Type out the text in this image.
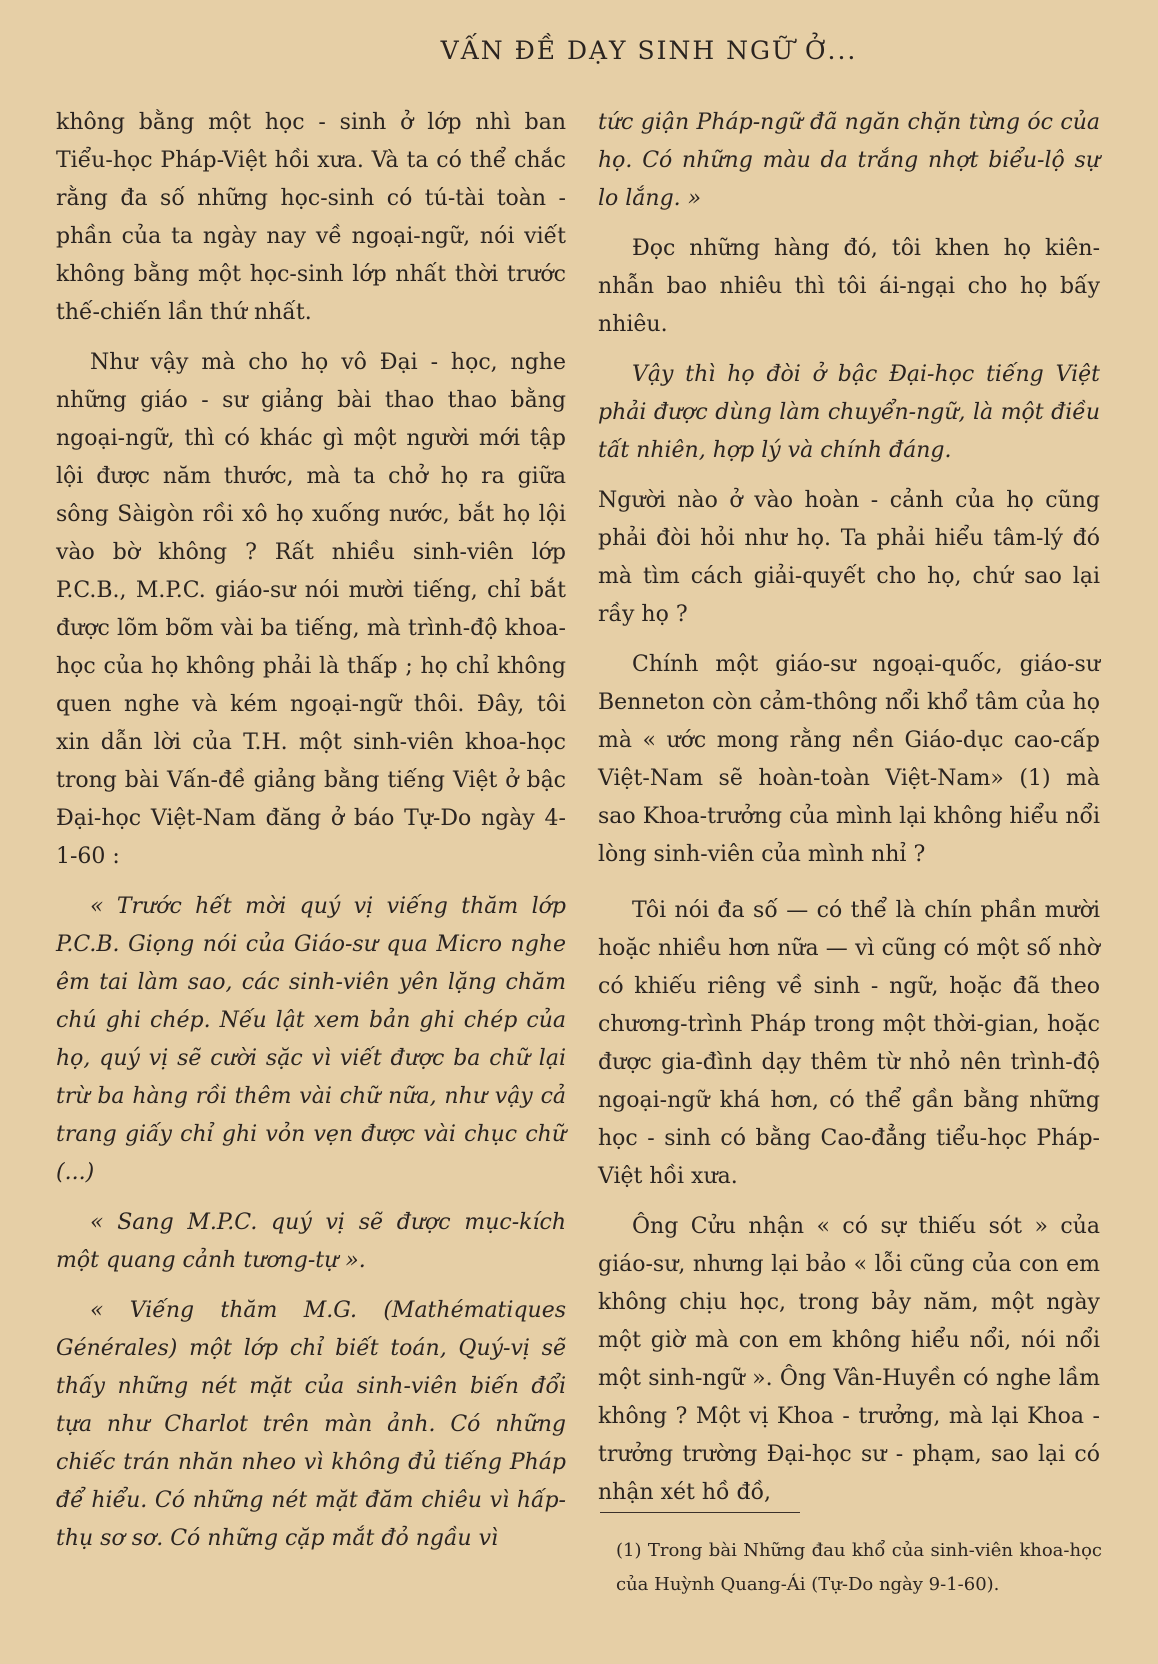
VẤN ĐỀ DẠY SINH NGỮ Ở...

không bằng một học - sinh ở lớp nhì ban Tiểu-học Pháp-Việt hồi xưa. Và ta có thể chắc rằng đa số những học-sinh có tú-tài toàn - phần của ta ngày nay về ngoại-ngữ, nói viết không bằng một học-sinh lớp nhất thời trước thế-chiến lần thứ nhất.

Như vậy mà cho họ vô Đại - học, nghe những giáo - sư giảng bài thao thao bằng ngoại-ngữ, thì có khác gì một người mới tập lội được năm thước, mà ta chở họ ra giữa sông Sàigòn rồi xô họ xuống nước, bắt họ lội vào bờ không ? Rất nhiều sinh-viên lớp P.C.B., M.P.C. giáo-sư nói mười tiếng, chỉ bắt được lõm bõm vài ba tiếng, mà trình-độ khoa-học của họ không phải là thấp ; họ chỉ không quen nghe và kém ngoại-ngữ thôi. Đây, tôi xin dẫn lời của T.H. một sinh-viên khoa-học trong bài Vấn-đề giảng bằng tiếng Việt ở bậc Đại-học Việt-Nam đăng ở báo Tự-Do ngày 4-1-60 :

« Trước hết mời quý vị viếng thăm lớp P.C.B. Giọng nói của Giáo-sư qua Micro nghe êm tai làm sao, các sinh-viên yên lặng chăm chú ghi chép. Nếu lật xem bản ghi chép của họ, quý vị sẽ cười sặc vì viết được ba chữ lại trừ ba hàng rồi thêm vài chữ nữa, như vậy cả trang giấy chỉ ghi vỏn vẹn được vài chục chữ (...)

« Sang M.P.C. quý vị sẽ được mục-kích một quang cảnh tương-tự ».

« Viếng thăm M.G. (Mathématiques Générales) một lớp chỉ biết toán, Quý-vị sẽ thấy những nét mặt của sinh-viên biến đổi tựa như Charlot trên màn ảnh. Có những chiếc trán nhăn nheo vì không đủ tiếng Pháp để hiểu. Có những nét mặt đăm chiêu vì hấp-thụ sơ sơ. Có những cặp mắt đỏ ngầu vì

tức giận Pháp-ngữ đã ngăn chặn từng óc của họ. Có những màu da trắng nhợt biểu-lộ sự lo lắng. »

Đọc những hàng đó, tôi khen họ kiên-nhẫn bao nhiêu thì tôi ái-ngại cho họ bấy nhiêu.

Vậy thì họ đòi ở bậc Đại-học tiếng Việt phải được dùng làm chuyển-ngữ, là một điều tất nhiên, hợp lý và chính đáng.

Người nào ở vào hoàn - cảnh của họ cũng phải đòi hỏi như họ. Ta phải hiểu tâm-lý đó mà tìm cách giải-quyết cho họ, chứ sao lại rầy họ ?

Chính một giáo-sư ngoại-quốc, giáo-sư Benneton còn cảm-thông nổi khổ tâm của họ mà « ước mong rằng nền Giáo-dục cao-cấp Việt-Nam sẽ hoàn-toàn Việt-Nam» (1) mà sao Khoa-trưởng của mình lại không hiểu nổi lòng sinh-viên của mình nhỉ ?

Tôi nói đa số — có thể là chín phần mười hoặc nhiều hơn nữa — vì cũng có một số nhờ có khiếu riêng về sinh - ngữ, hoặc đã theo chương-trình Pháp trong một thời-gian, hoặc được gia-đình dạy thêm từ nhỏ nên trình-độ ngoại-ngữ khá hơn, có thể gần bằng những học - sinh có bằng Cao-đẳng tiểu-học Pháp-Việt hồi xưa.

Ông Cửu nhận « có sự thiếu sót » của giáo-sư, nhưng lại bảo « lỗi cũng của con em không chịu học, trong bảy năm, một ngày một giờ mà con em không hiểu nổi, nói nổi một sinh-ngữ ». Ông Vân-Huyền có nghe lầm không ? Một vị Khoa - trưởng, mà lại Khoa - trưởng trường Đại-học sư - phạm, sao lại có nhận xét hồ đồ,

(1) Trong bài Những đau khổ của sinh-viên khoa-học của Huỳnh Quang-Ái (Tự-Do ngày 9-1-60).
